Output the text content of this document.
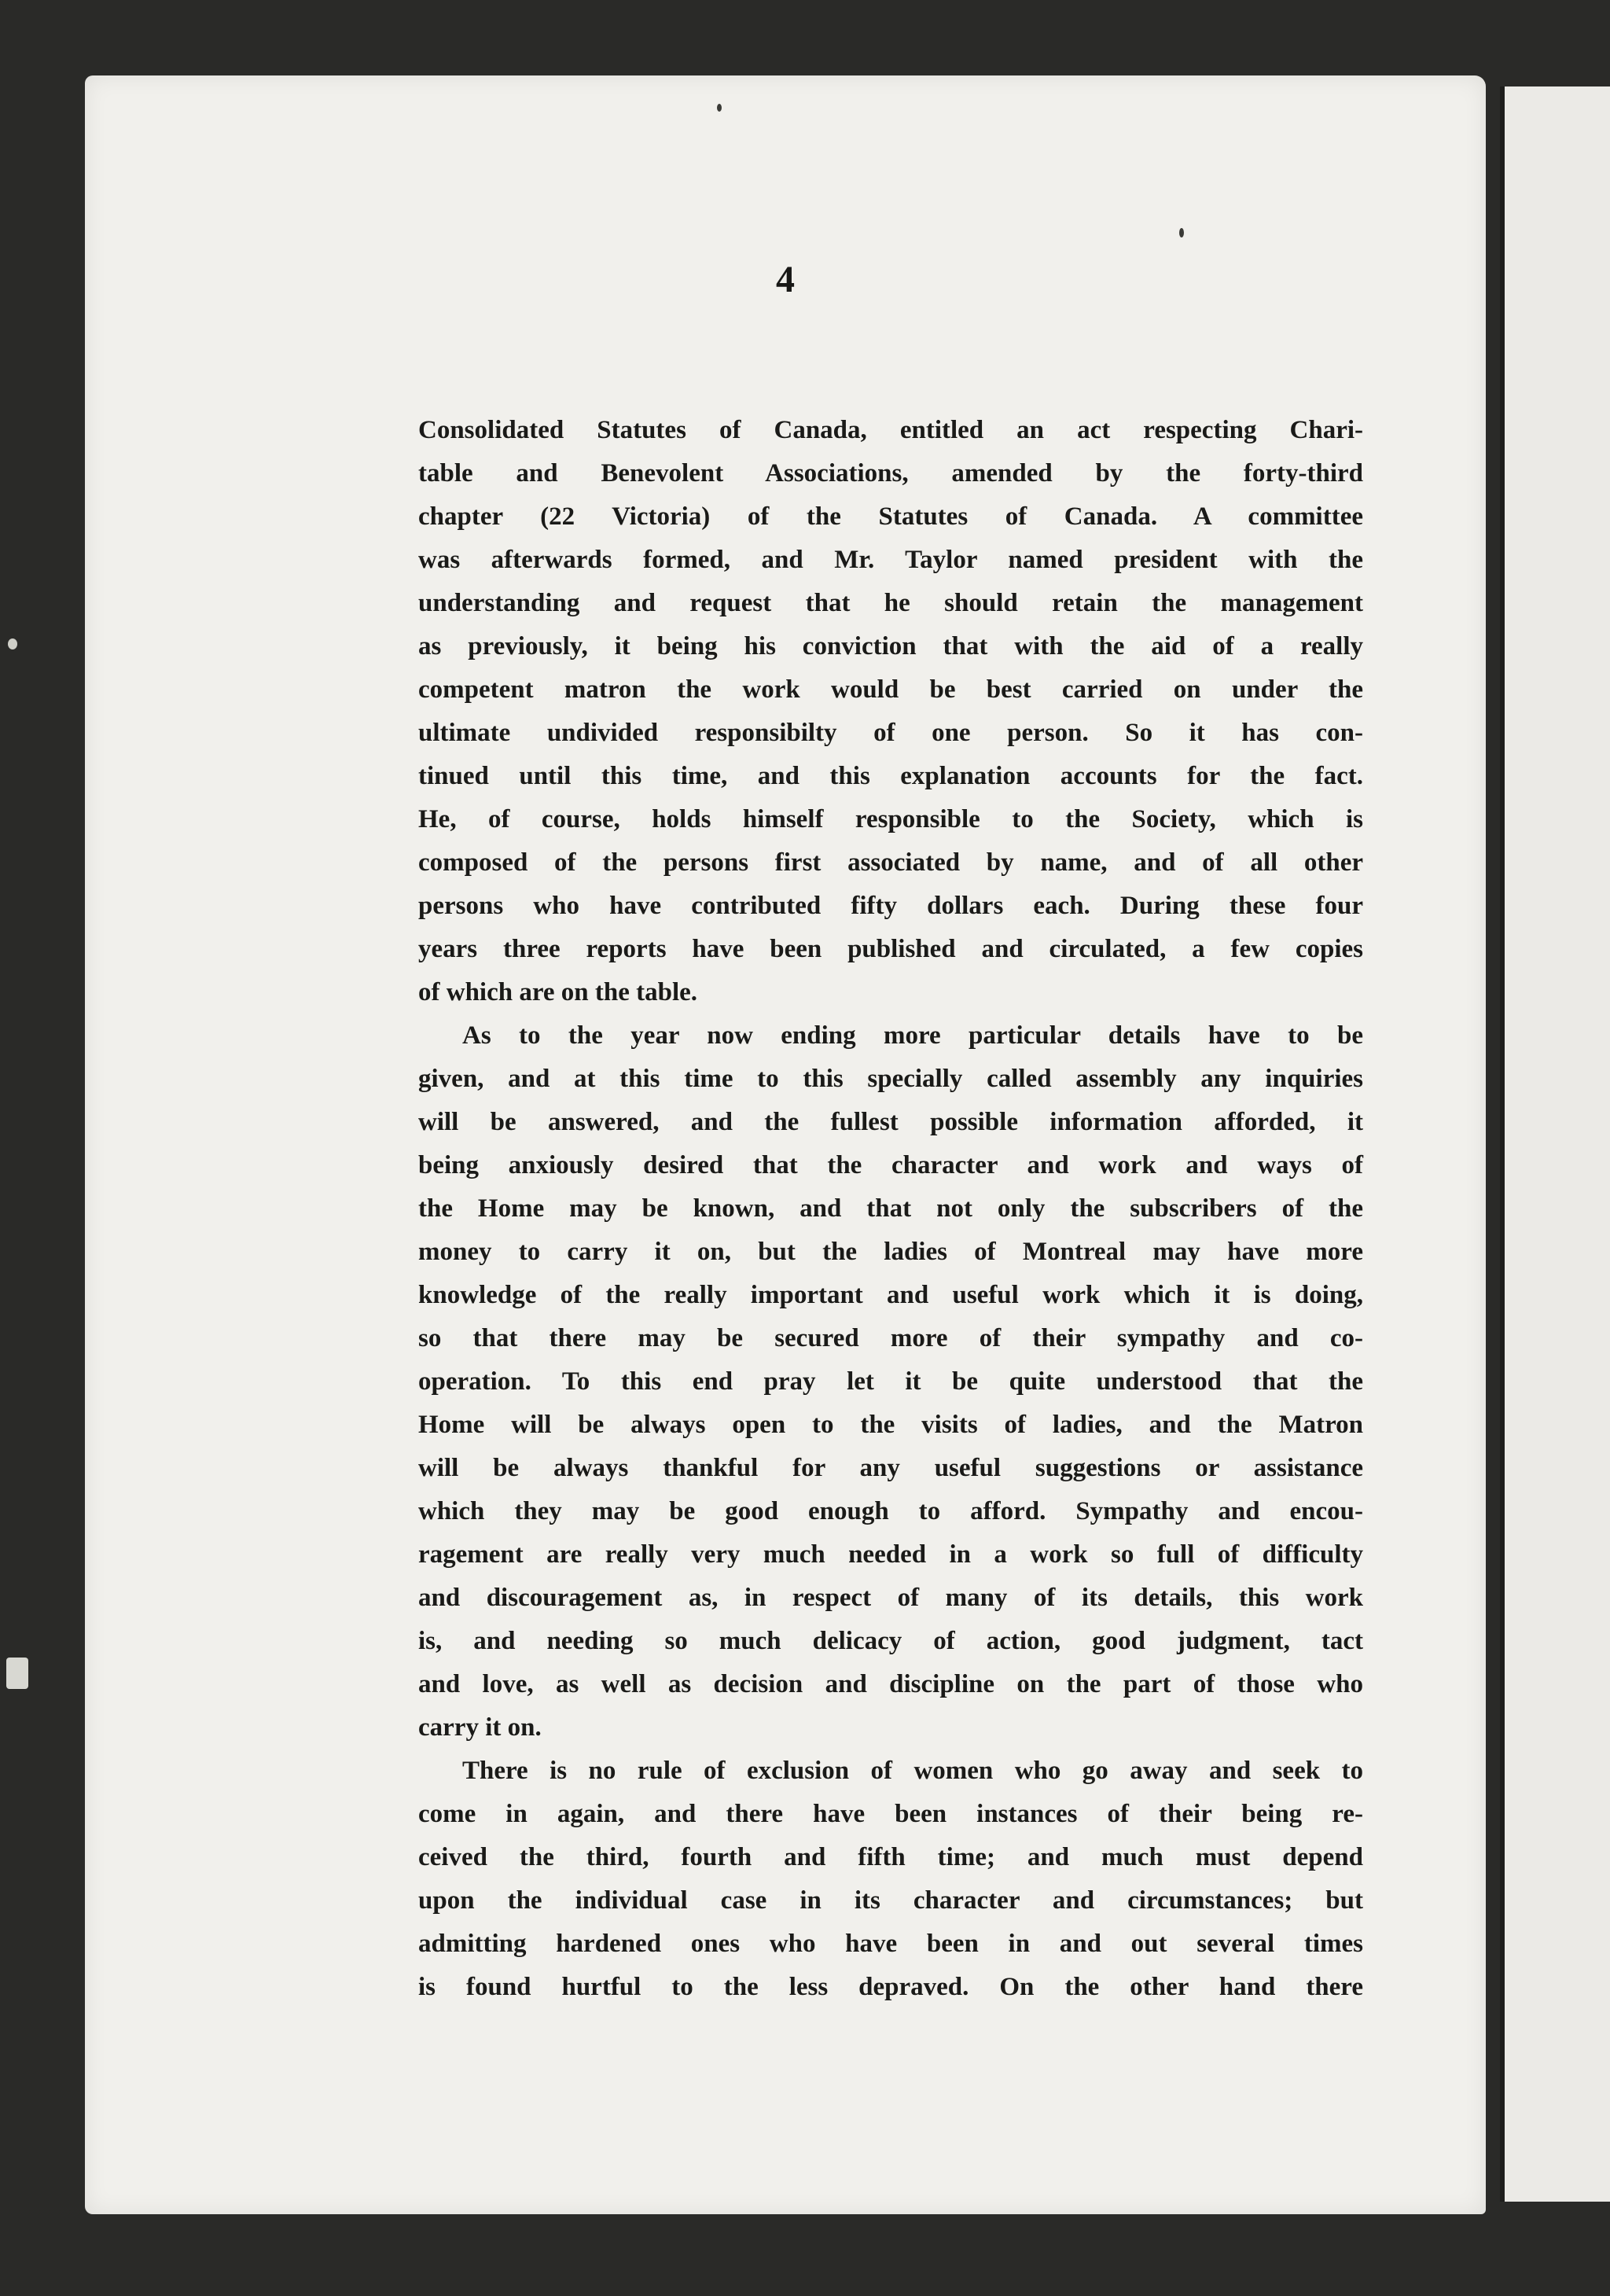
4
Consolidated Statutes of Canada, entitled an act respecting Chari-
table and Benevolent Associations, amended by the forty-third
chapter (22 Victoria) of the Statutes of Canada. A committee
was afterwards formed, and Mr. Taylor named president with the
understanding and request that he should retain the management
as previously, it being his conviction that with the aid of a really
competent matron the work would be best carried on under the
ultimate undivided responsibilty of one person. So it has con-
tinued until this time, and this explanation accounts for the fact.
He, of course, holds himself responsible to the Society, which is
composed of the persons first associated by name, and of all other
persons who have contributed fifty dollars each. During these four
years three reports have been published and circulated, a few copies
of which are on the table.
As to the year now ending more particular details have to be
given, and at this time to this specially called assembly any inquiries
will be answered, and the fullest possible information afforded, it
being anxiously desired that the character and work and ways of
the Home may be known, and that not only the subscribers of the
money to carry it on, but the ladies of Montreal may have more
knowledge of the really important and useful work which it is doing,
so that there may be secured more of their sympathy and co-
operation. To this end pray let it be quite understood that the
Home will be always open to the visits of ladies, and the Matron
will be always thankful for any useful suggestions or assistance
which they may be good enough to afford. Sympathy and encou-
ragement are really very much needed in a work so full of difficulty
and discouragement as, in respect of many of its details, this work
is, and needing so much delicacy of action, good judgment, tact
and love, as well as decision and discipline on the part of those who
carry it on.
There is no rule of exclusion of women who go away and seek to
come in again, and there have been instances of their being re-
ceived the third, fourth and fifth time; and much must depend
upon the individual case in its character and circumstances; but
admitting hardened ones who have been in and out several times
is found hurtful to the less depraved. On the other hand there
